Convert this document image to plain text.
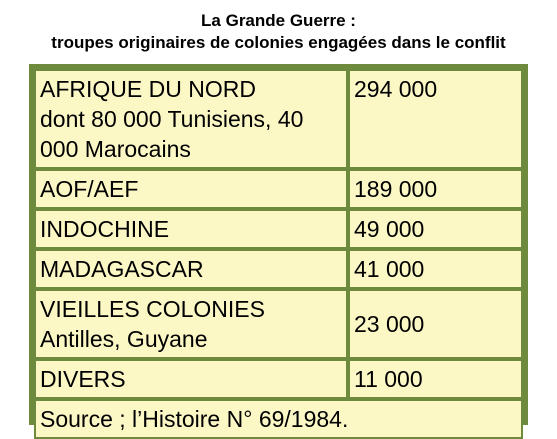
La Grande Guerre :
troupes originaires de colonies engagées dans le conflit
AFRIQUE DU NORD
dont 80 000 Tunisiens, 40 000 Marocains	294 000

AOF/AEF	189 000

INDOCHINE	49 000

MADAGASCAR	41 000

VIEILLES COLONIES
Antilles, Guyane	23 000

DIVERS	11 000

Source ; l’Histoire N° 69/1984.	
